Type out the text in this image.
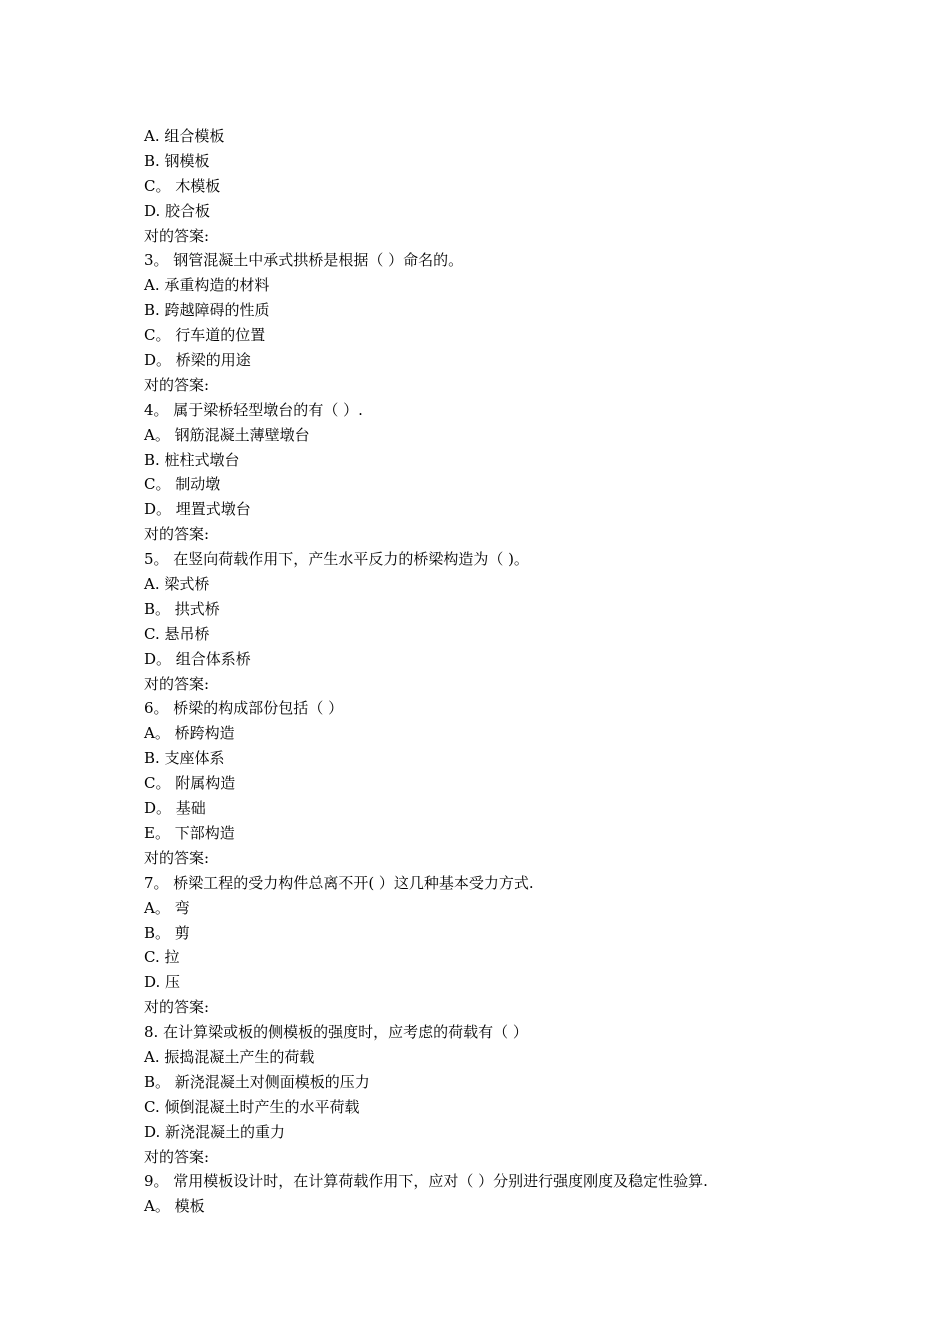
A. 组合模板
B. 钢模板
C。 木模板
D. 胶合板
对的答案:
3。 钢管混凝土中承式拱桥是根据（ ）命名的。
A. 承重构造的材料
B. 跨越障碍的性质
C。 行车道的位置
D。 桥梁的用途
对的答案:
4。 属于梁桥轻型墩台的有（ ）.
A。 钢筋混凝土薄壁墩台
B. 桩柱式墩台
C。 制动墩
D。 埋置式墩台
对的答案:
5。 在竖向荷载作用下，产生水平反力的桥梁构造为（ )。
A. 梁式桥
B。 拱式桥
C. 悬吊桥
D。 组合体系桥
对的答案:
6。 桥梁的构成部份包括（ ）
A。 桥跨构造
B. 支座体系
C。 附属构造
D。 基础
E。 下部构造
对的答案:
7。 桥梁工程的受力构件总离不开( ）这几种基本受力方式.
A。 弯
B。 剪
C. 拉
D. 压
对的答案:
8. 在计算梁或板的侧模板的强度时，应考虑的荷载有（ ）
A. 振捣混凝土产生的荷载
B。 新浇混凝土对侧面模板的压力
C. 倾倒混凝土时产生的水平荷载
D. 新浇混凝土的重力
对的答案:
9。 常用模板设计时，在计算荷载作用下，应对（ ）分别进行强度刚度及稳定性验算.
A。 模板
